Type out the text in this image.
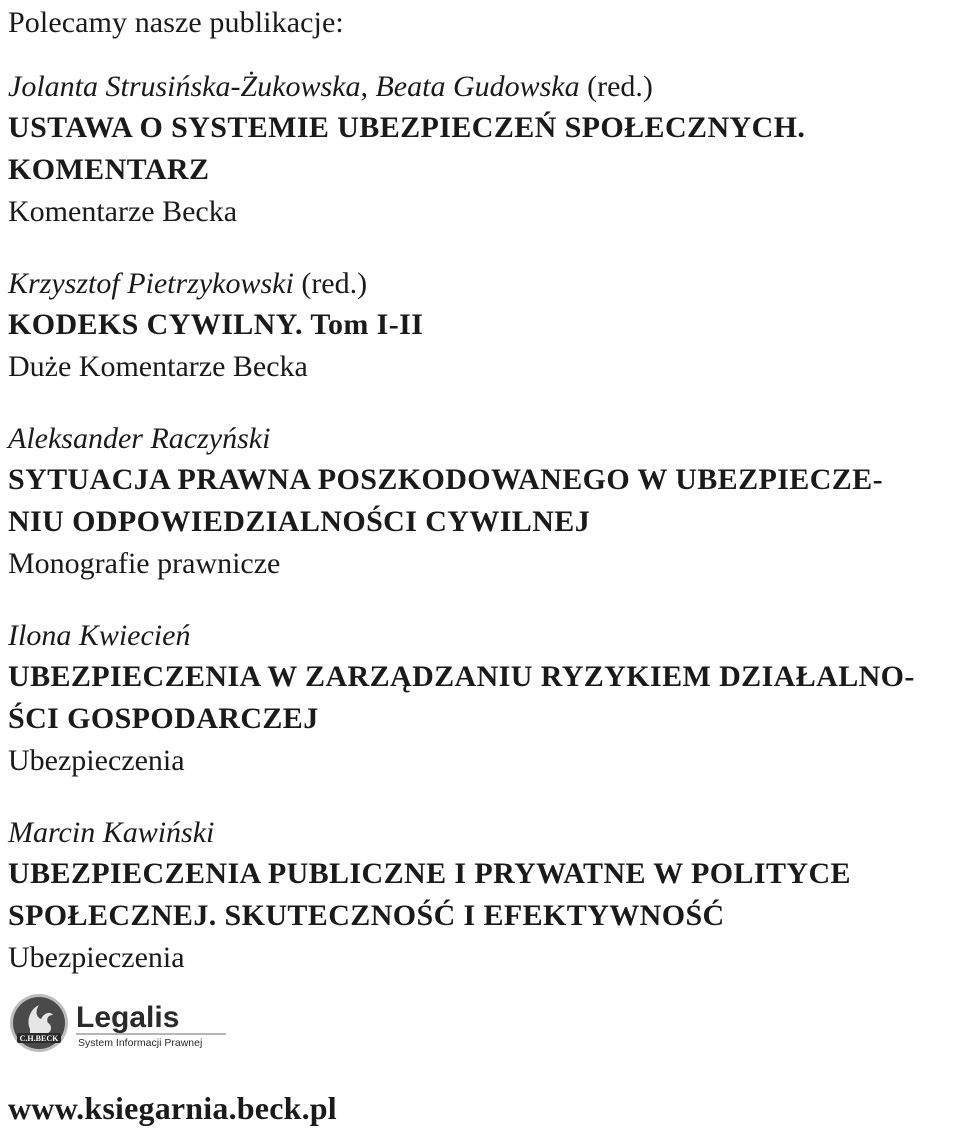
Polecamy nasze publikacje:
Jolanta Strusińska-Żukowska, Beata Gudowska (red.)
USTAWA O SYSTEMIE UBEZPIECZEŃ SPOŁECZNYCH.
KOMENTARZ
Komentarze Becka
Krzysztof Pietrzykowski (red.)
KODEKS CYWILNY. Tom I-II
Duże Komentarze Becka
Aleksander Raczyński
SYTUACJA PRAWNA POSZKODOWANEGO W UBEZPIECZE-
NIU ODPOWIEDZIALNOŚCI CYWILNEJ
Monografie prawnicze
Ilona Kwiecień
UBEZPIECZENIA W ZARZĄDZANIU RYZYKIEM DZIAŁALNO-
ŚCI GOSPODARCZEJ
Ubezpieczenia
Marcin Kawiński
UBEZPIECZENIA PUBLICZNE I PRYWATNE W POLITYCE
SPOŁECZNEJ. SKUTECZNOŚĆ I EFEKTYWNOŚĆ
Ubezpieczenia
C.H.BECK
Legalis
System Informacji Prawnej
www.ksiegarnia.beck.pl
